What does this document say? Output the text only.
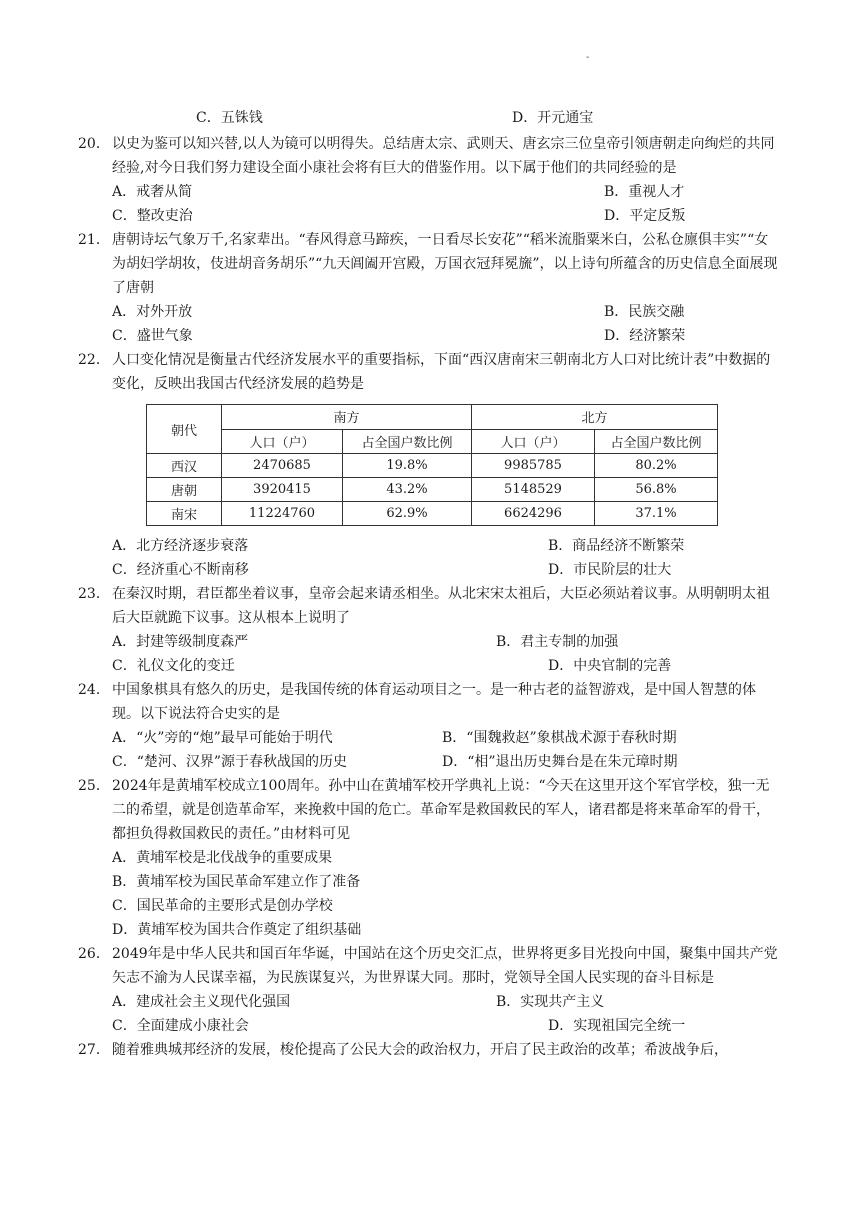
-
C．五铢钱	D．开元通宝
20． 以史为鉴可以知兴替,以人为镜可以明得失。总结唐太宗、武则天、唐玄宗三位皇帝引领唐朝走向绚烂的共同经验,对今日我们努力建设全面小康社会将有巨大的借鉴作用。以下属于他们的共同经验的是

A．戒奢从简	B．重视人才
C．整改吏治	D．平定反叛
21． 唐朝诗坛气象万千,名家辈出。“春风得意马蹄疾，一日看尽长安花”“稻米流脂粟米白，公私仓廪俱丰实”“女为胡妇学胡妆，伎进胡音务胡乐”“九天阊阖开宫殿，万国衣冠拜冕旒”，以上诗句所蕴含的历史信息全面展现了唐朝

A．对外开放	B．民族交融
C．盛世气象	D．经济繁荣
22． 人口变化情况是衡量古代经济发展水平的重要指标，下面“西汉唐南宋三朝南北方人口对比统计表”中数据的变化，反映出我国古代经济发展的趋势是

朝代	南方		北方	
	人口（户）	占全国户数比例	人口（户）	占全国户数比例
西汉	2470685	19.8%	9985785	80.2%
唐朝	3920415	43.2%	5148529	56.8%
南宋	11224760	62.9%	6624296	37.1%
A．北方经济逐步衰落	B．商品经济不断繁荣
C．经济重心不断南移	D．市民阶层的壮大
23． 在秦汉时期，君臣都坐着议事，皇帝会起来请丞相坐。从北宋宋太祖后，大臣必须站着议事。从明朝明太祖后大臣就跪下议事。这从根本上说明了

A．封建等级制度森严	B．君主专制的加强
C．礼仪文化的变迁	D．中央官制的完善
24． 中国象棋具有悠久的历史，是我国传统的体育运动项目之一。是一种古老的益智游戏，是中国人智慧的体现。以下说法符合史实的是

A．“火”旁的“炮”最早可能始于明代	B．“围魏救赵”象棋战术源于春秋时期
C．“楚河、汉界”源于春秋战国的历史	D．“相”退出历史舞台是在朱元璋时期
25． 2024年是黄埔军校成立100周年。孙中山在黄埔军校开学典礼上说：“今天在这里开这个军官学校，独一无二的希望，就是创造革命军，来挽救中国的危亡。革命军是救国救民的军人，诸君都是将来革命军的骨干，都担负得救国救民的责任。”由材料可见

A．黄埔军校是北伐战争的重要成果
B．黄埔军校为国民革命军建立作了准备
C．国民革命的主要形式是创办学校
D．黄埔军校为国共合作奠定了组织基础
26． 2049年是中华人民共和国百年华诞，中国站在这个历史交汇点，世界将更多目光投向中国，聚集中国共产党矢志不渝为人民谋幸福，为民族谋复兴，为世界谋大同。那时，党领导全国人民实现的奋斗目标是

A．建成社会主义现代化强国	B．实现共产主义
C．全面建成小康社会	D．实现祖国完全统一
27． 随着雅典城邦经济的发展，梭伦提高了公民大会的政治权力，开启了民主政治的改革；希波战争后，
